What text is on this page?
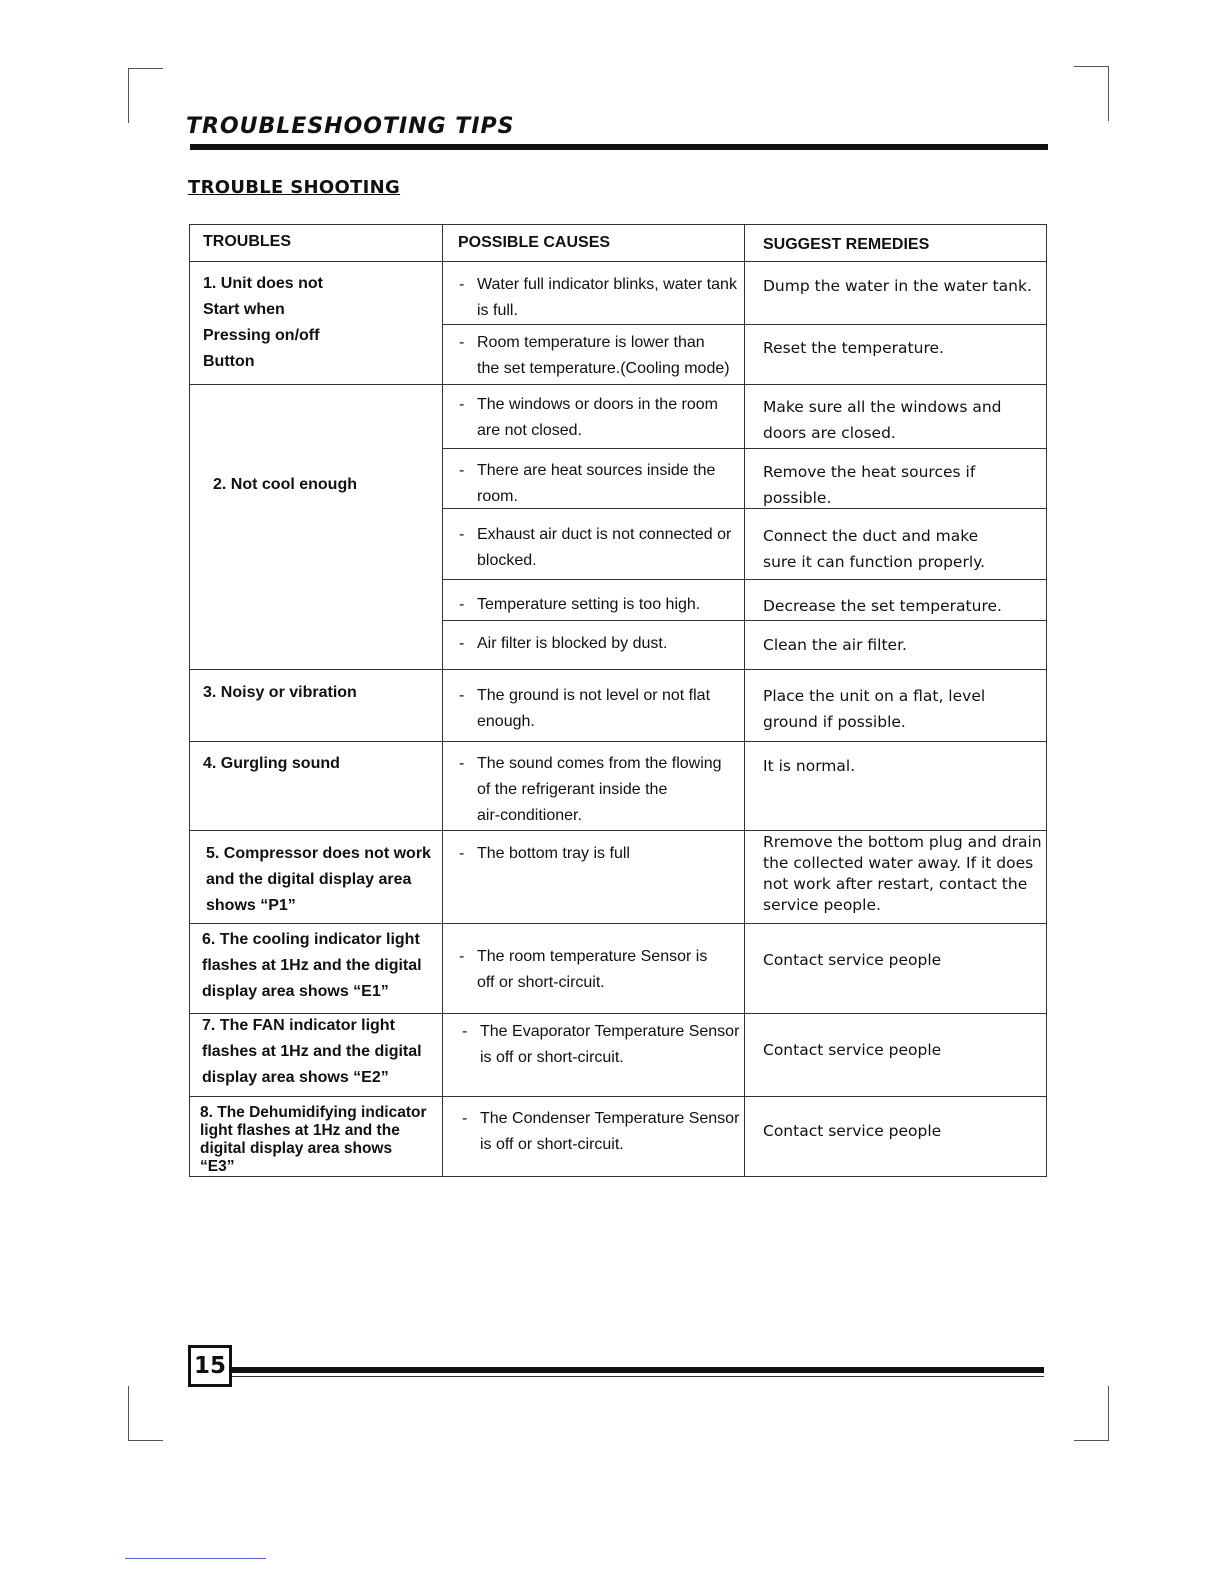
TROUBLESHOOTING TIPS
TROUBLE SHOOTING
TROUBLES	POSSIBLE CAUSES	SUGGEST REMEDIES
1. Unit does not
Start when
Pressing on/off
Button
2. Not cool enough
3. Noisy or vibration
4. Gurgling sound
5. Compressor does not work
and the digital display area
shows “P1”
6. The cooling indicator light
flashes at 1Hz and the digital
display area shows “E1”
7. The FAN indicator light
flashes at 1Hz and the digital
display area shows “E2”
8. The Dehumidifying indicator
light flashes at 1Hz and the
digital display area shows
“E3”
- Water full indicator blinks, water tank
is full.
- Room temperature is lower than
the set temperature.(Cooling mode)
- The windows or doors in the room
are not closed.
- There are heat sources inside the
room.
- Exhaust air duct is not connected or
blocked.
- Temperature setting is too high.
- Air filter is blocked by dust.
- The ground is not level or not flat
enough.
- The sound comes from the flowing
of the refrigerant inside the
air-conditioner.
- The bottom tray is full
- The room temperature Sensor is
off or short-circuit.
- The Evaporator Temperature Sensor
is off or short-circuit.
- The Condenser Temperature Sensor
is off or short-circuit.
Dump the water in the water tank.
Reset the temperature.
Make sure all the windows and
doors are closed.
Remove the heat sources if possible.
Connect the duct and make
sure it can function properly.
Decrease the set temperature.
Clean the air filter.
Place the unit on a flat, level
ground if possible.
It is normal.
Rremove the bottom plug and drain
the collected water away. If it does
not work after restart, contact the
service people.
Contact service people
Contact service people
Contact service people
15
